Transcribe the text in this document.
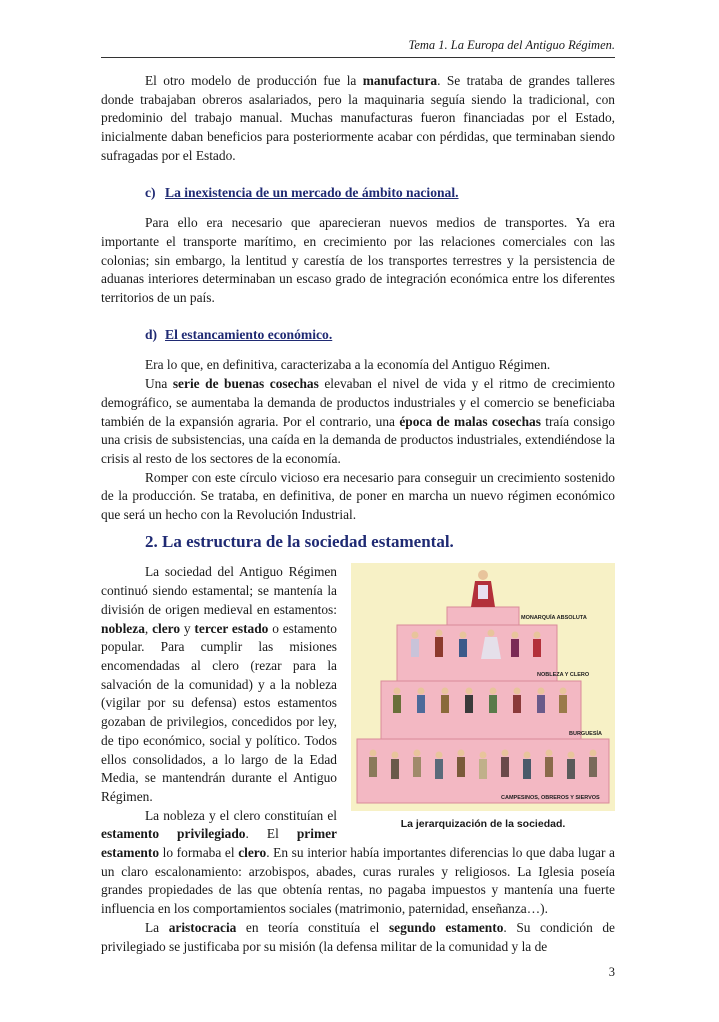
Tema 1. La Europa del Antiguo Régimen.

El otro modelo de producción fue la manufactura. Se trataba de grandes talleres donde trabajaban obreros asalariados, pero la maquinaria seguía siendo la tradicional, con predominio del trabajo manual. Muchas manufacturas fueron financiadas por el Estado, inicialmente daban beneficios para posteriormente acabar con pérdidas, que terminaban siendo sufragadas por el Estado.

c) La inexistencia de un mercado de ámbito nacional.

Para ello era necesario que aparecieran nuevos medios de transportes. Ya era importante el transporte marítimo, en crecimiento por las relaciones comerciales con las colonias; sin embargo, la lentitud y carestía de los transportes terrestres y la persistencia de aduanas interiores determinaban un escaso grado de integración económica entre los diferentes territorios de un país.

d) El estancamiento económico.

Era lo que, en definitiva, caracterizaba a la economía del Antiguo Régimen.

Una serie de buenas cosechas elevaban el nivel de vida y el ritmo de crecimiento demográfico, se aumentaba la demanda de productos industriales y el comercio se beneficiaba también de la expansión agraria. Por el contrario, una época de malas cosechas traía consigo una crisis de subsistencias, una caída en la demanda de productos industriales, extendiéndose la crisis al resto de los sectores de la economía.

Romper con este círculo vicioso era necesario para conseguir un crecimiento sostenido de la producción. Se trataba, en definitiva, de poner en marcha un nuevo régimen económico que será un hecho con la Revolución Industrial.

2. La estructura de la sociedad estamental.
MONARQUÍA ABSOLUTA
NOBLEZA Y CLERO
BURGUESÍA
CAMPESINOS, OBREROS Y SIERVOS
La jerarquización de la sociedad.

La sociedad del Antiguo Régimen continuó siendo estamental; se mantenía la división de origen medieval en estamentos: nobleza, clero y tercer estado o estamento popular. Para cumplir las misiones encomendadas al clero (rezar para la salvación de la comunidad) y a la nobleza (vigilar por su defensa) estos estamentos gozaban de privilegios, concedidos por ley, de tipo económico, social y político. Todos ellos consolidados, a lo largo de la Edad Media, se mantendrán durante el Antiguo Régimen.

La nobleza y el clero constituían el estamento privilegiado. El primer estamento lo formaba el clero. En su interior había importantes diferencias lo que daba lugar a un claro escalonamiento: arzobispos, abades, curas rurales y religiosos. La Iglesia poseía grandes propiedades de las que obtenía rentas, no pagaba impuestos y mantenía una fuerte influencia en los comportamientos sociales (matrimonio, paternidad, enseñanza…).

La aristocracia en teoría constituía el segundo estamento. Su condición de privilegiado se justificaba por su misión (la defensa militar de la comunidad y la de

3
